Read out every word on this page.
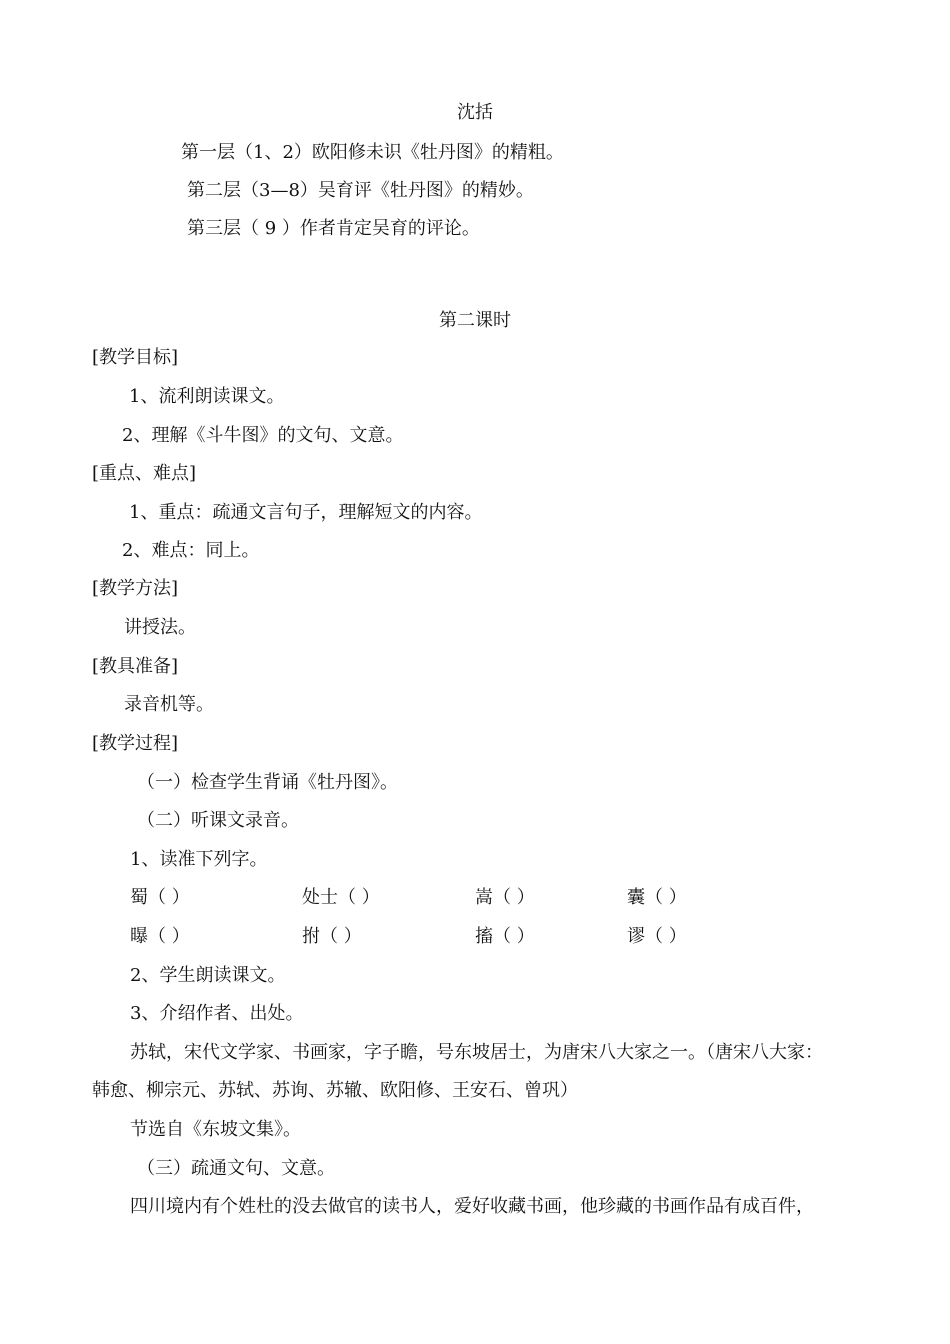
沈括
第一层（1、2）欧阳修未识《牡丹图》的精粗。
第二层（3—8）吴育评《牡丹图》的精妙。
第三层（ 9 ）作者肯定吴育的评论。
第二课时
[教学目标]
1、流利朗读课文。
2、理解《斗牛图》的文句、文意。
[重点、难点]
1、重点：疏通文言句子，理解短文的内容。
2、难点：同上。
[教学方法]
讲授法。
[教具准备]
录音机等。
[教学过程]
（一）检查学生背诵《牡丹图》。
（二）听课文录音。
1、读准下列字。
蜀（ ）	处士（ ）	嵩（ ）	囊（ ）
曝（ ）	拊（ ）	搐（ ）	谬（ ）
2、学生朗读课文。
3、介绍作者、出处。
苏轼，宋代文学家、书画家，字子瞻，号东坡居士，为唐宋八大家之一。（唐宋八大家：
韩愈、柳宗元、苏轼、苏询、苏辙、欧阳修、王安石、曾巩）
节选自《东坡文集》。
（三）疏通文句、文意。
四川境内有个姓杜的没去做官的读书人，爱好收藏书画，他珍藏的书画作品有成百件，
